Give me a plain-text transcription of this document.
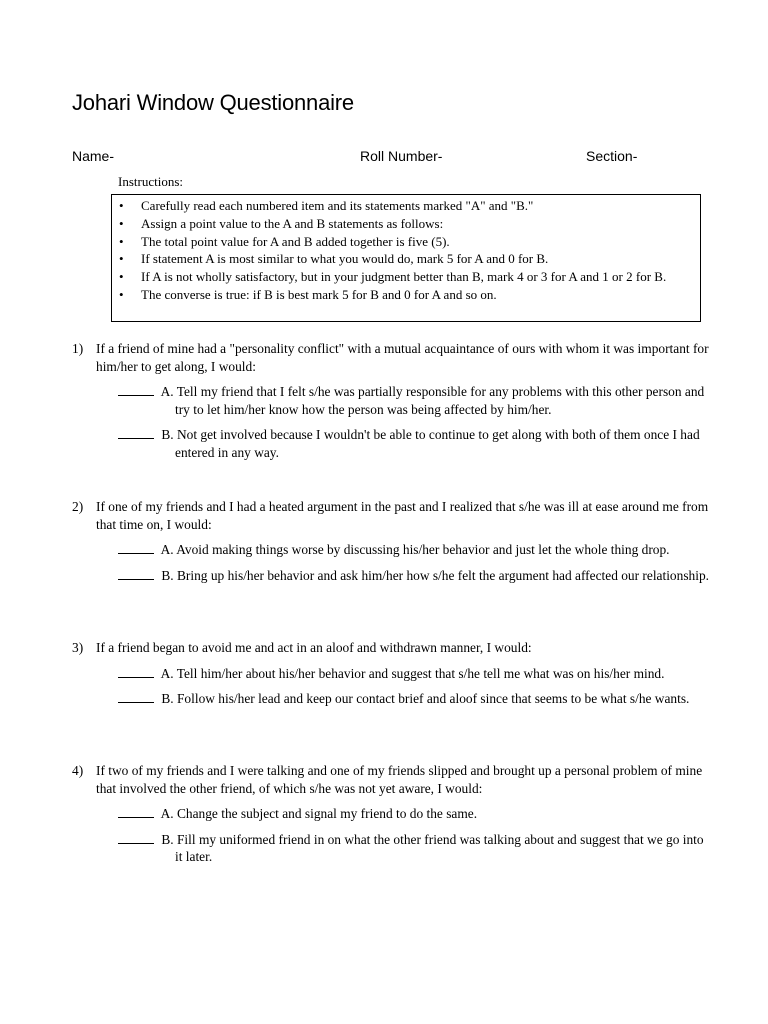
Johari Window Questionnaire
Name-	Roll Number-	Section-
Instructions:
• Carefully read each numbered item and its statements marked "A" and "B."
• Assign a point value to the A and B statements as follows:
• The total point value for A and B added together is five (5).
• If statement A is most similar to what you would do, mark 5 for A and 0 for B.
• If A is not wholly satisfactory, but in your judgment better than B, mark 4 or 3 for A and 1 or 2 for B.
• The converse is true: if B is best mark 5 for B and 0 for A and so on.
1) If a friend of mine had a "personality conflict" with a mutual acquaintance of ours with whom it was important for him/her to get along, I would:
A. Tell my friend that I felt s/he was partially responsible for any problems with this other person and try to let him/her know how the person was being affected by him/her.
B. Not get involved because I wouldn't be able to continue to get along with both of them once I had entered in any way.
2) If one of my friends and I had a heated argument in the past and I realized that s/he was ill at ease around me from that time on, I would:
A. Avoid making things worse by discussing his/her behavior and just let the whole thing drop.
B. Bring up his/her behavior and ask him/her how s/he felt the argument had affected our relationship.
3) If a friend began to avoid me and act in an aloof and withdrawn manner, I would:
A. Tell him/her about his/her behavior and suggest that s/he tell me what was on his/her mind.
B. Follow his/her lead and keep our contact brief and aloof since that seems to be what s/he wants.
4) If two of my friends and I were talking and one of my friends slipped and brought up a personal problem of mine that involved the other friend, of which s/he was not yet aware, I would:
A. Change the subject and signal my friend to do the same.
B. Fill my uniformed friend in on what the other friend was talking about and suggest that we go into it later.
